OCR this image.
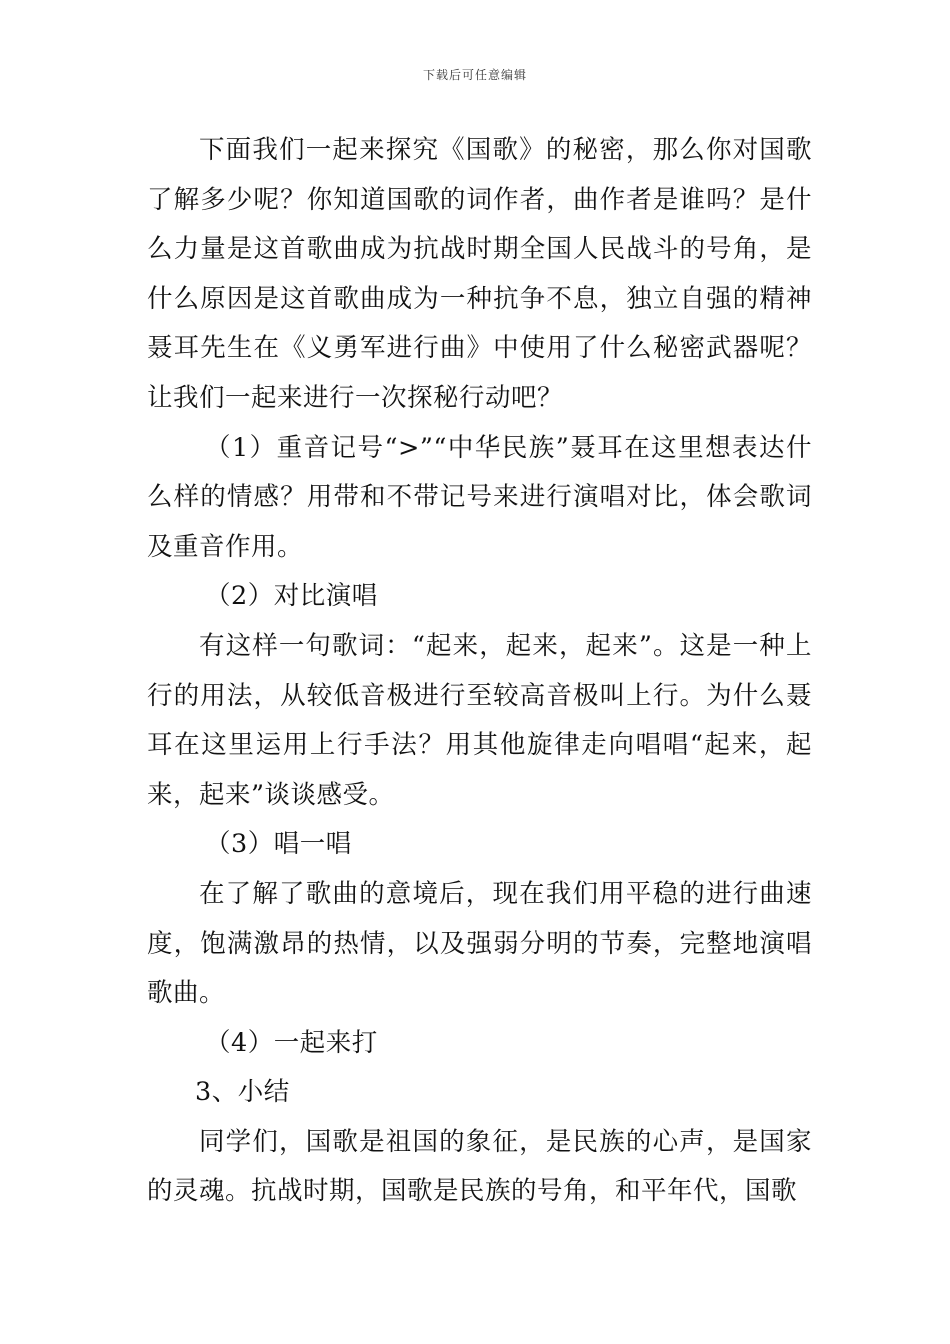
下载后可任意编辑

下面我们一起来探究《国歌》的秘密，那么你对国歌了解多少呢？你知道国歌的词作者，曲作者是谁吗？是什么力量是这首歌曲成为抗战时期全国人民战斗的号角，是什么原因是这首歌曲成为一种抗争不息，独立自强的精神聂耳先生在《义勇军进行曲》中使用了什么秘密武器呢？让我们一起来进行一次探秘行动吧？

（1）重音记号“>”“中华民族”聂耳在这里想表达什么样的情感？用带和不带记号来进行演唱对比，体会歌词及重音作用。

（2）对比演唱

有这样一句歌词：“起来，起来，起来”。这是一种上行的用法，从较低音极进行至较高音极叫上行。为什么聂耳在这里运用上行手法？用其他旋律走向唱唱“起来，起来，起来”谈谈感受。

（3）唱一唱

在了解了歌曲的意境后，现在我们用平稳的进行曲速度，饱满激昂的热情，以及强弱分明的节奏，完整地演唱歌曲。

（4）一起来打

3、小结

同学们，国歌是祖国的象征，是民族的心声，是国家的灵魂。抗战时期，国歌是民族的号角，和平年代，国歌
